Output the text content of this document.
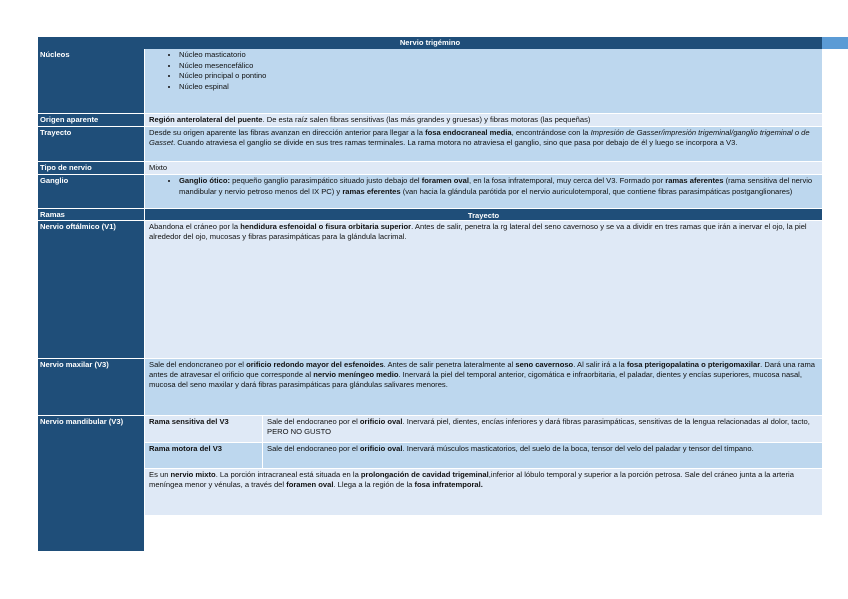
Nervio trigémino
Núcleos	• Núcleo masticatorio
• Núcleo mesencefálico
• Núcleo principal o pontino
• Núcleo espinal
Origen aparente	Región anterolateral del puente. De esta raíz salen fibras sensitivas (las más grandes y gruesas) y fibras motoras (las pequeñas)
Trayecto	Desde su origen aparente las fibras avanzan en dirección anterior para llegar a la fosa endocraneal media, encontrándose con la Impresión de Gasser/impresión trigeminal/ganglio trigeminal o de Gasset. Cuando atraviesa el ganglio se divide en sus tres ramas terminales. La rama motora no atraviesa el ganglio, sino que pasa por debajo de él y luego se incorpora a V3.
Tipo de nervio	Mixto
Ganglio	• Ganglio ótico: pequeño ganglio parasimpático situado justo debajo del foramen oval, en la fosa infratemporal, muy cerca del V3. Formado por ramas aferentes (rama sensitiva del nervio mandibular y nervio petroso menos del IX PC) y ramas eferentes (van hacia la glándula parótida por el nervio auriculotemporal, que contiene fibras parasimpáticas postganglionares)
Ramas	Trayecto
Nervio oftálmico (V1)	Abandona el cráneo por la hendidura esfenoidal o fisura orbitaria superior. Antes de salir, penetra la rg lateral del seno cavernoso y se va a dividir en tres ramas que irán a inervar el ojo, la piel alrededor del ojo, mucosas y fibras parasimpáticas para la glándula lacrimal.
Nervio maxilar (V3)	Sale del endoncraneo por el orificio redondo mayor del esfenoides. Antes de salir penetra lateralmente al seno cavernoso. Al salir irá a la fosa pterigopalatina o pterigomaxilar. Dará una rama antes de atravesar el orificio que corresponde al nervio meníngeo medio. Inervará la piel del temporal anterior, cigomática e infraorbitaria, el paladar, dientes y encías superiores, mucosa nasal, mucosa del seno maxilar y dará fibras parasimpáticas para glándulas salivares menores.
Nervio mandibular (V3)	Rama sensitiva del V3	Sale del endocraneo por el orificio oval. Inervará piel, dientes, encías inferiores y dará fibras parasimpáticas, sensitivas de la lengua relacionadas al dolor, tacto, PERO NO GUSTO
Rama motora del V3	Sale del endocraneo por el orificio oval. Inervará músculos masticatorios, del suelo de la boca, tensor del velo del paladar y tensor del tímpano.
Es un nervio mixto. La porción intracraneal está situada en la prolongación de cavidad trigeminal,inferior al lóbulo temporal y superior a la porción petrosa. Sale del cráneo junta a la arteria meníngea menor y vénulas, a través del foramen oval. Llega a la región de la fosa infratemporal.
